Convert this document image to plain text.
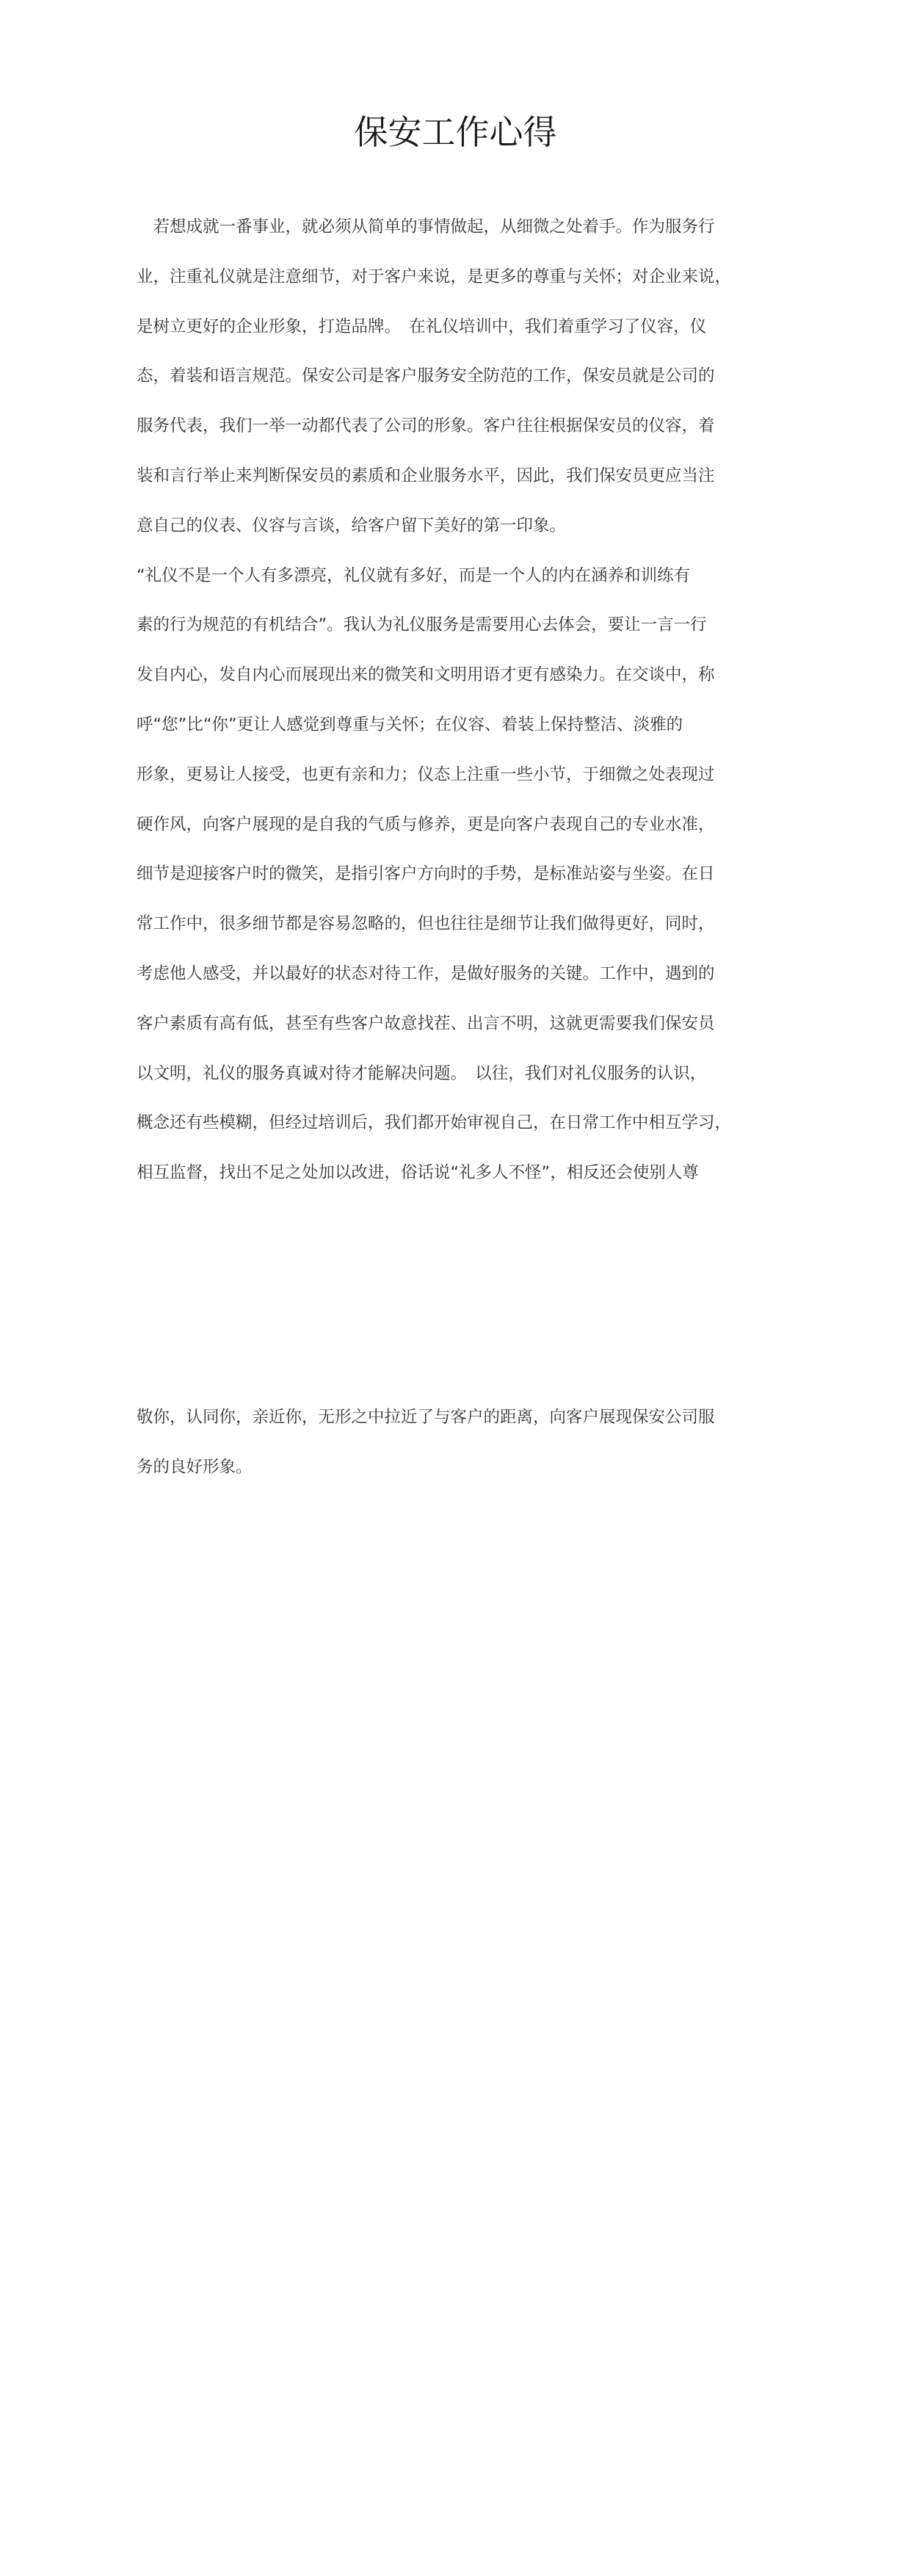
保安工作心得
　若想成就一番事业，就必须从简单的事情做起，从细微之处着手。作为服务行
业，注重礼仪就是注意细节，对于客户来说，是更多的尊重与关怀；对企业来说，
是树立更好的企业形象，打造品牌。　在礼仪培训中，我们着重学习了仪容，仪
态，着装和语言规范。保安公司是客户服务安全防范的工作，保安员就是公司的
服务代表，我们一举一动都代表了公司的形象。客户往往根据保安员的仪容，着
装和言行举止来判断保安员的素质和企业服务水平，因此，我们保安员更应当注
意自己的仪表、仪容与言谈，给客户留下美好的第一印象。
“礼仪不是一个人有多漂亮，礼仪就有多好，而是一个人的内在涵养和训练有
素的行为规范的有机结合”。我认为礼仪服务是需要用心去体会，要让一言一行
发自内心，发自内心而展现出来的微笑和文明用语才更有感染力。在交谈中，称
呼“您”比“你”更让人感觉到尊重与关怀；在仪容、着装上保持整洁、淡雅的
形象，更易让人接受，也更有亲和力；仪态上注重一些小节，于细微之处表现过
硬作风，向客户展现的是自我的气质与修养，更是向客户表现自己的专业水准，
细节是迎接客户时的微笑，是指引客户方向时的手势，是标准站姿与坐姿。在日
常工作中，很多细节都是容易忽略的，但也往往是细节让我们做得更好，同时，
考虑他人感受，并以最好的状态对待工作，是做好服务的关键。工作中，遇到的
客户素质有高有低，甚至有些客户故意找茬、出言不明，这就更需要我们保安员
以文明，礼仪的服务真诚对待才能解决问题。　以往，我们对礼仪服务的认识，
概念还有些模糊，但经过培训后，我们都开始审视自己，在日常工作中相互学习，
相互监督，找出不足之处加以改进，俗话说“礼多人不怪”，相反还会使别人尊
敬你，认同你，亲近你，无形之中拉近了与客户的距离，向客户展现保安公司服
务的良好形象。
